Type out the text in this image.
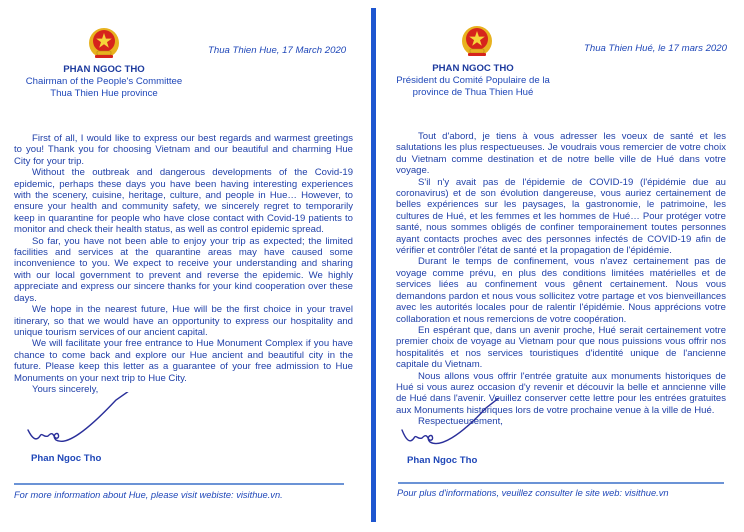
PHAN NGOC THO
Chairman of the People's Committee
Thua Thien Hue province
Thua Thien Hue, 17 March 2020

First of all, I would like to express our best regards and warmest greetings to you! Thank you for choosing Vietnam and our beautiful and charming Hue City for your trip.

Without the outbreak and dangerous developments of the Covid-19 epidemic, perhaps these days you have been having interesting experiences with the scenery, cuisine, heritage, culture, and people in Hue… However, to ensure your health and community safety, we sincerely regret to temporarily keep in quarantine for people who have close contact with Covid-19 patients to monitor and check their health status, as well as control epidemic spread.

So far, you have not been able to enjoy your trip as expected; the limited facilities and services at the quarantine areas may have caused some inconvenience to you. We expect to receive your understanding and sharing with our local government to prevent and reverse the epidemic. We highly appreciate and express our sincere thanks for your kind cooperation over these days.

We hope in the nearest future, Hue will be the first choice in your travel itinerary, so that we would have an opportunity to express our hospitality and unique tourism services of our ancient capital.

We will facilitate your free entrance to Hue Monument Complex if you have chance to come back and explore our Hue ancient and beautiful city in the future. Please keep this letter as a guarantee of your free admission to Hue Monuments on your next trip to Hue City.

Yours sincerely,

Phan Ngoc Tho
For more information about Hue, please visit webiste: visithue.vn.
PHAN NGOC THO
Président du Comité Populaire de la
province de Thua Thien Hué
Thua Thien Hué, le 17 mars 2020

Tout d'abord, je tiens à vous adresser les voeux de santé et les salutations les plus respectueuses. Je voudrais vous remercier de votre choix du Vietnam comme destination et de notre belle ville de Hué dans votre voyage.

S'il n'y avait pas de l'épidemie de COVID-19 (l'épidémie due au coronavirus) et de son évolution dangereuse, vous auriez certainement de belles expériences sur les paysages, la gastronomie, le patrimoine, les cultures de Hué, et les femmes et les hommes de Hué… Pour protéger votre santé, nous sommes obligés de confiner temporainement toutes personnes ayant contacts proches avec des personnes infectés de COVID-19 afin de vérifier et contrôler l'état de santé et la propagation de l'épidémie.

Durant le temps de confinement, vous n'avez certainement pas de voyage comme prévu, en plus des conditions limitées matérielles et de services liées au confinement vous gênent certainement. Nous vous demandons pardon et nous vous sollicitez votre partage et vos bienveillances avec les autorités locales pour de ralentir l'épidémie. Nous apprécions votre collaboration et nous remercions de votre coopération.

En espérant que, dans un avenir proche, Hué serait certainement votre premier choix de voyage au Vietnam pour que nous puissions vous offrir nos hospitalités et nos services touristiques d'identité unique de l'ancienne capitale du Vietnam.

Nous allons vous offrir l'entrée gratuite aux monuments historiques de Hué si vous aurez occasion d'y revenir et découvir la belle et anncienne ville de Hué dans l'avenir. Veuillez conserver cette lettre pour les entrées gratuites aux Monuments historiques lors de votre prochaine venue à la ville de Hué.

Respectueusement,

Phan Ngoc Tho
Pour plus d'informations, veuillez consulter le site web: visithue.vn
